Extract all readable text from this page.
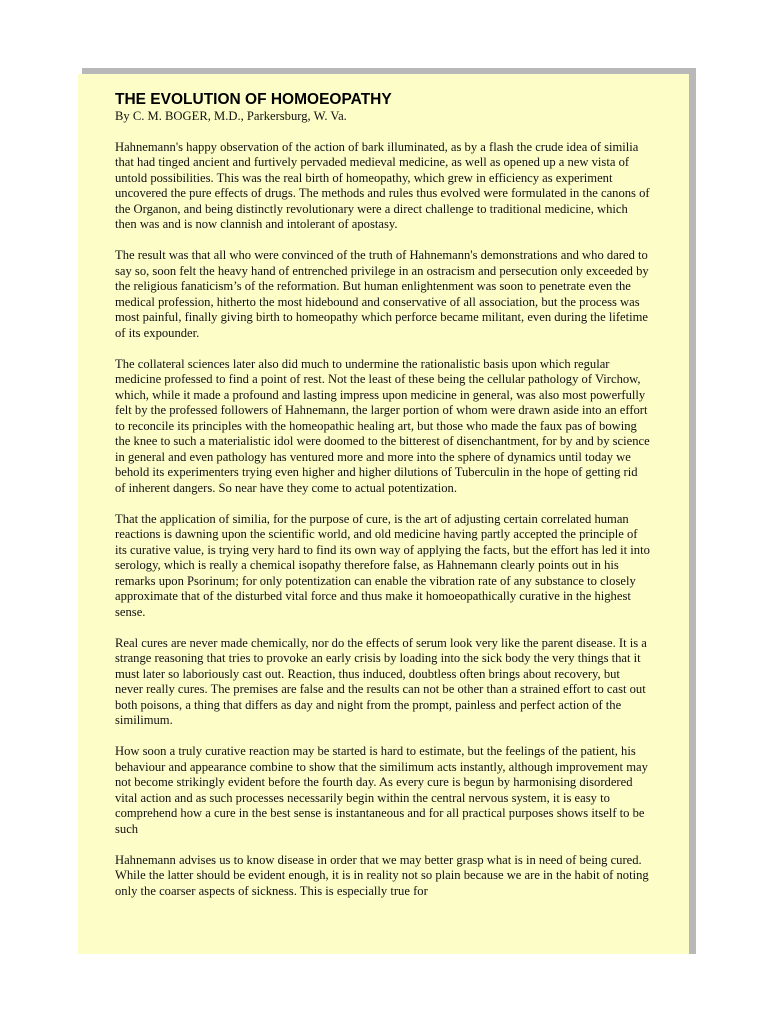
THE EVOLUTION OF HOMOEOPATHY
By C. M. BOGER, M.D., Parkersburg, W. Va.

Hahnemann's happy observation of the action of bark illuminated, as by a flash the crude idea of similia that had tinged ancient and furtively pervaded medieval medicine, as well as opened up a new vista of untold possibilities. This was the real birth of homeopathy, which grew in efficiency as experiment uncovered the pure effects of drugs. The methods and rules thus evolved were formulated in the canons of the Organon, and being distinctly revolutionary were a direct challenge to traditional medicine, which then was and is now clannish and intolerant of apostasy.

The result was that all who were convinced of the truth of Hahnemann's demonstrations and who dared to say so, soon felt the heavy hand of entrenched privilege in an ostracism and persecution only exceeded by the religious fanaticism’s of the reformation. But human enlightenment was soon to penetrate even the medical profession, hitherto the most hidebound and conservative of all association, but the process was most painful, finally giving birth to homeopathy which perforce became militant, even during the lifetime of its expounder.

The collateral sciences later also did much to undermine the rationalistic basis upon which regular medicine professed to find a point of rest. Not the least of these being the cellular pathology of Virchow, which, while it made a profound and lasting impress upon medicine in general, was also most powerfully felt by the professed followers of Hahnemann, the larger portion of whom were drawn aside into an effort to reconcile its principles with the homeopathic healing art, but those who made the faux pas of bowing the knee to such a materialistic idol were doomed to the bitterest of disenchantment, for by and by science in general and even pathology has ventured more and more into the sphere of dynamics until today we behold its experimenters trying even higher and higher dilutions of Tuberculin in the hope of getting rid of inherent dangers. So near have they come to actual potentization.

That the application of similia, for the purpose of cure, is the art of adjusting certain correlated human reactions is dawning upon the scientific world, and old medicine having partly accepted the principle of its curative value, is trying very hard to find its own way of applying the facts, but the effort has led it into serology, which is really a chemical isopathy therefore false, as Hahnemann clearly points out in his remarks upon Psorinum; for only potentization can enable the vibration rate of any substance to closely approximate that of the disturbed vital force and thus make it homoeopathically curative in the highest sense.

Real cures are never made chemically, nor do the effects of serum look very like the parent disease. It is a strange reasoning that tries to provoke an early crisis by loading into the sick body the very things that it must later so laboriously cast out. Reaction, thus induced, doubtless often brings about recovery, but never really cures. The premises are false and the results can not be other than a strained effort to cast out both poisons, a thing that differs as day and night from the prompt, painless and perfect action of the similimum.

How soon a truly curative reaction may be started is hard to estimate, but the feelings of the patient, his behaviour and appearance combine to show that the similimum acts instantly, although improvement may not become strikingly evident before the fourth day. As every cure is begun by harmonising disordered vital action and as such processes necessarily begin within the central nervous system, it is easy to comprehend how a cure in the best sense is instantaneous and for all practical purposes shows itself to be such

Hahnemann advises us to know disease in order that we may better grasp what is in need of being cured. While the latter should be evident enough, it is in reality not so plain because we are in the habit of noting only the coarser aspects of sickness. This is especially true for
